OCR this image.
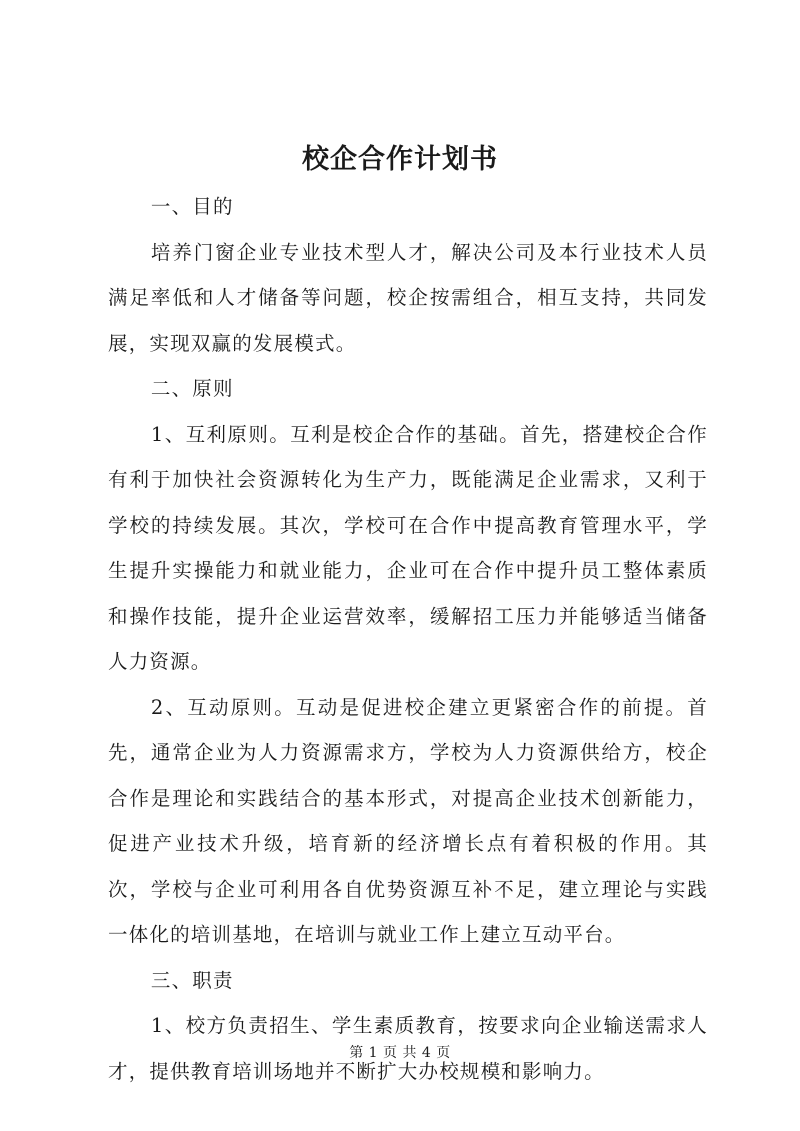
校企合作计划书

一、目的

培养门窗企业专业技术型人才，解决公司及本行业技术人员满足率低和人才储备等问题，校企按需组合，相互支持，共同发展，实现双赢的发展模式。

二、原则

1、互利原则。互利是校企合作的基础。首先，搭建校企合作有利于加快社会资源转化为生产力，既能满足企业需求，又利于学校的持续发展。其次，学校可在合作中提高教育管理水平，学生提升实操能力和就业能力，企业可在合作中提升员工整体素质和操作技能，提升企业运营效率，缓解招工压力并能够适当储备人力资源。

2、互动原则。互动是促进校企建立更紧密合作的前提。首先，通常企业为人力资源需求方，学校为人力资源供给方，校企合作是理论和实践结合的基本形式，对提高企业技术创新能力，促进产业技术升级，培育新的经济增长点有着积极的作用。其次，学校与企业可利用各自优势资源互补不足，建立理论与实践一体化的培训基地，在培训与就业工作上建立互动平台。

三、职责

1、校方负责招生、学生素质教育，按要求向企业输送需求人才，提供教育培训场地并不断扩大办校规模和影响力。

第 1 页 共 4 页
